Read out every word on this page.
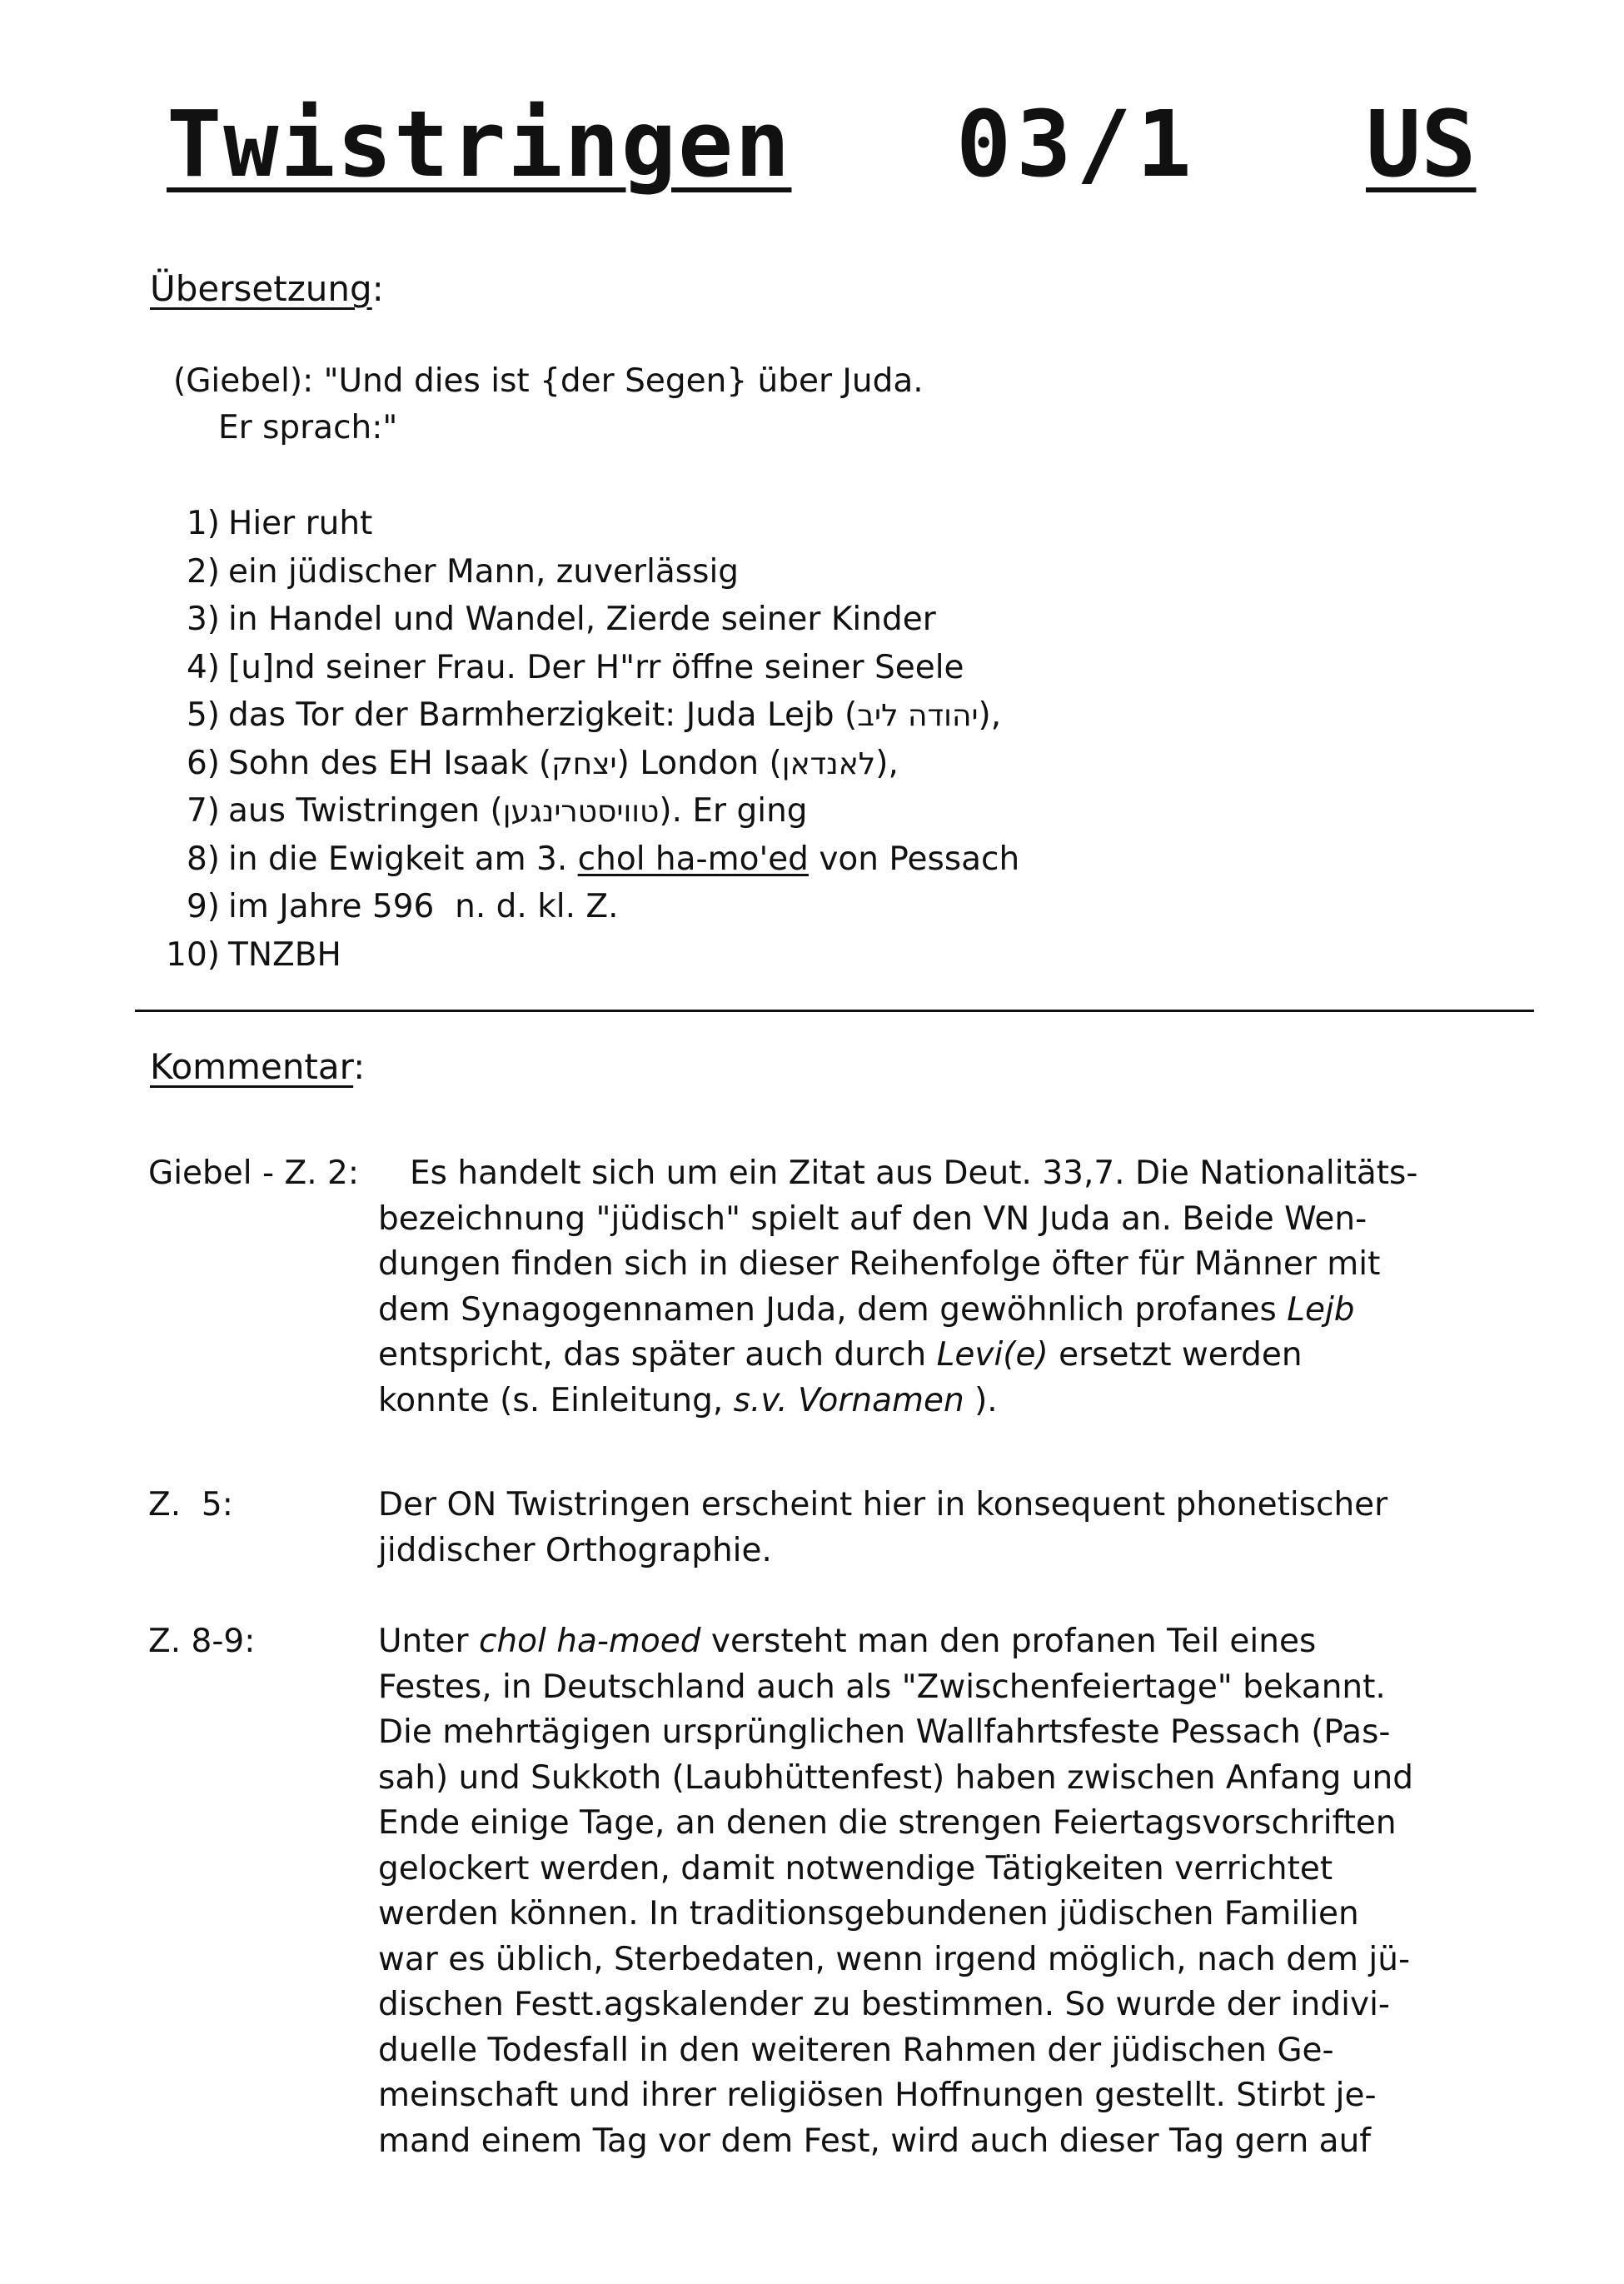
Twistringen 03/1 US
Übersetzung:
(Giebel): "Und dies ist {der Segen} über Juda.
Er sprach:"
1) Hier ruht
2) ein jüdischer Mann, zuverlässig
3) in Handel und Wandel, Zierde seiner Kinder
4) [u]nd seiner Frau. Der H"rr öffne seiner Seele
5) das Tor der Barmherzigkeit: Juda Lejb (יהודה ליב),
6) Sohn des EH Isaak (יצחק) London (לאנדאן),
7) aus Twistringen (טוויסטרינגען). Er ging
8) in die Ewigkeit am 3. chol ha-mo'ed von Pessach
9) im Jahre 596  n. d. kl. Z.
10) TNZBH
Kommentar:
Giebel - Z. 2: Es handelt sich um ein Zitat aus Deut. 33,7. Die Nationalitäts-
bezeichnung "jüdisch" spielt auf den VN Juda an. Beide Wen-
dungen finden sich in dieser Reihenfolge öfter für Männer mit
dem Synagogennamen Juda, dem gewöhnlich profanes Lejb
entspricht, das später auch durch Levi(e) ersetzt werden
konnte (s. Einleitung, s.v. Vornamen ).
Z.  5:	Der ON Twistringen erscheint hier in konsequent phonetischer
jiddischer Orthographie.
Z. 8-9:	Unter chol ha-moed versteht man den profanen Teil eines
Festes, in Deutschland auch als "Zwischenfeiertage" bekannt.
Die mehrtägigen ursprünglichen Wallfahrtsfeste Pessach (Pas-
sah) und Sukkoth (Laubhüttenfest) haben zwischen Anfang und
Ende einige Tage, an denen die strengen Feiertagsvorschriften
gelockert werden, damit notwendige Tätigkeiten verrichtet
werden können. In traditionsgebundenen jüdischen Familien
war es üblich, Sterbedaten, wenn irgend möglich, nach dem jü-
dischen Festt.agskalender zu bestimmen. So wurde der indivi-
duelle Todesfall in den weiteren Rahmen der jüdischen Ge-
meinschaft und ihrer religiösen Hoffnungen gestellt. Stirbt je-
mand einem Tag vor dem Fest, wird auch dieser Tag gern auf
